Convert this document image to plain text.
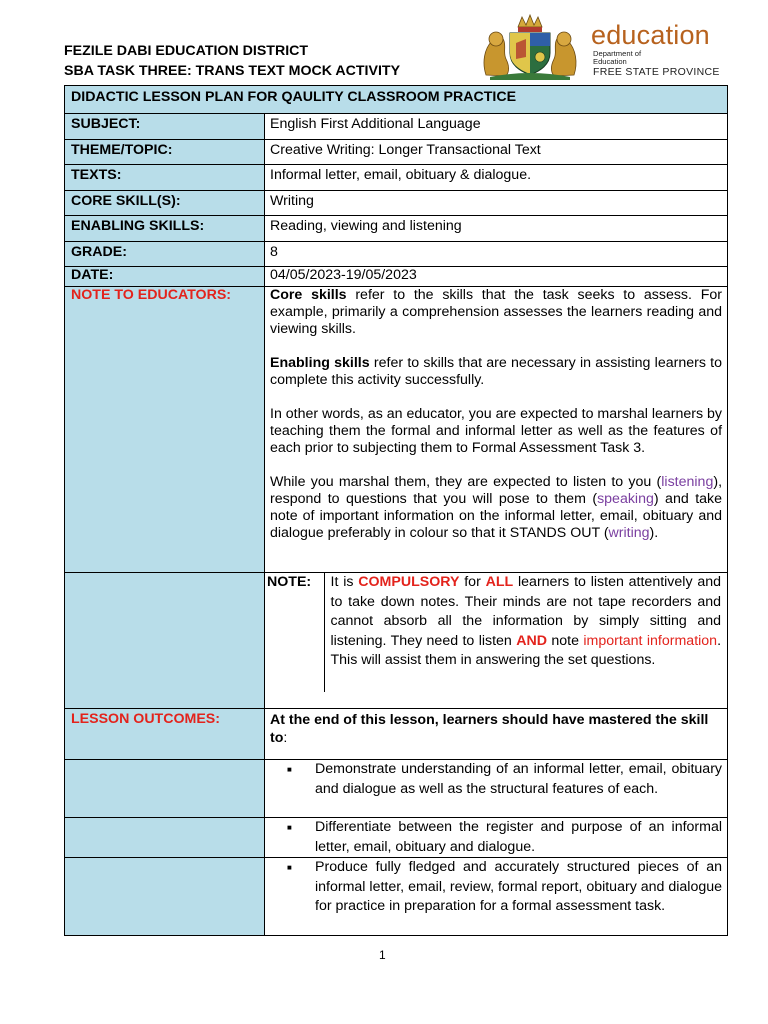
FEZILE DABI EDUCATION DISTRICT
SBA TASK THREE: TRANS TEXT MOCK ACTIVITY
education
Department of
Education
FREE STATE PROVINCE
DIDACTIC LESSON PLAN FOR QAULITY CLASSROOM PRACTICE
SUBJECT:	English First Additional Language
THEME/TOPIC:	Creative Writing: Longer Transactional Text
TEXTS:	Informal letter, email, obituary & dialogue.
CORE SKILL(S):	Writing
ENABLING SKILLS:	Reading, viewing and listening
GRADE:	8
DATE:	04/05/2023-19/05/2023
NOTE TO EDUCATORS:	Core skills refer to the skills that the task seeks to assess. For example, primarily a comprehension assesses the learners reading and viewing skills.

Enabling skills refer to skills that are necessary in assisting learners to complete this activity successfully.

In other words, as an educator, you are expected to marshal learners by teaching them the formal and informal letter as well as the features of each prior to subjecting them to Formal Assessment Task 3.

While you marshal them, they are expected to listen to you (listening), respond to questions that you will pose to them (speaking) and take note of important information on the informal letter, email, obituary and dialogue preferably in colour so that it STANDS OUT (writing).

NOTE:	It is COMPULSORY for ALL learners to listen attentively and to take down notes. Their minds are not tape recorders and cannot absorb all the information by simply sitting and listening. They need to listen AND note important information. This will assist them in answering the set questions.

LESSON OUTCOMES:	At the end of this lesson, learners should have mastered the skill to:

■	Demonstrate understanding of an informal letter, email, obituary and dialogue as well as the structural features of each.

■	Differentiate between the register and purpose of an informal letter, email, obituary and dialogue.

■	Produce fully fledged and accurately structured pieces of an informal letter, email, review, formal report, obituary and dialogue for practice in preparation for a formal assessment task.
1
